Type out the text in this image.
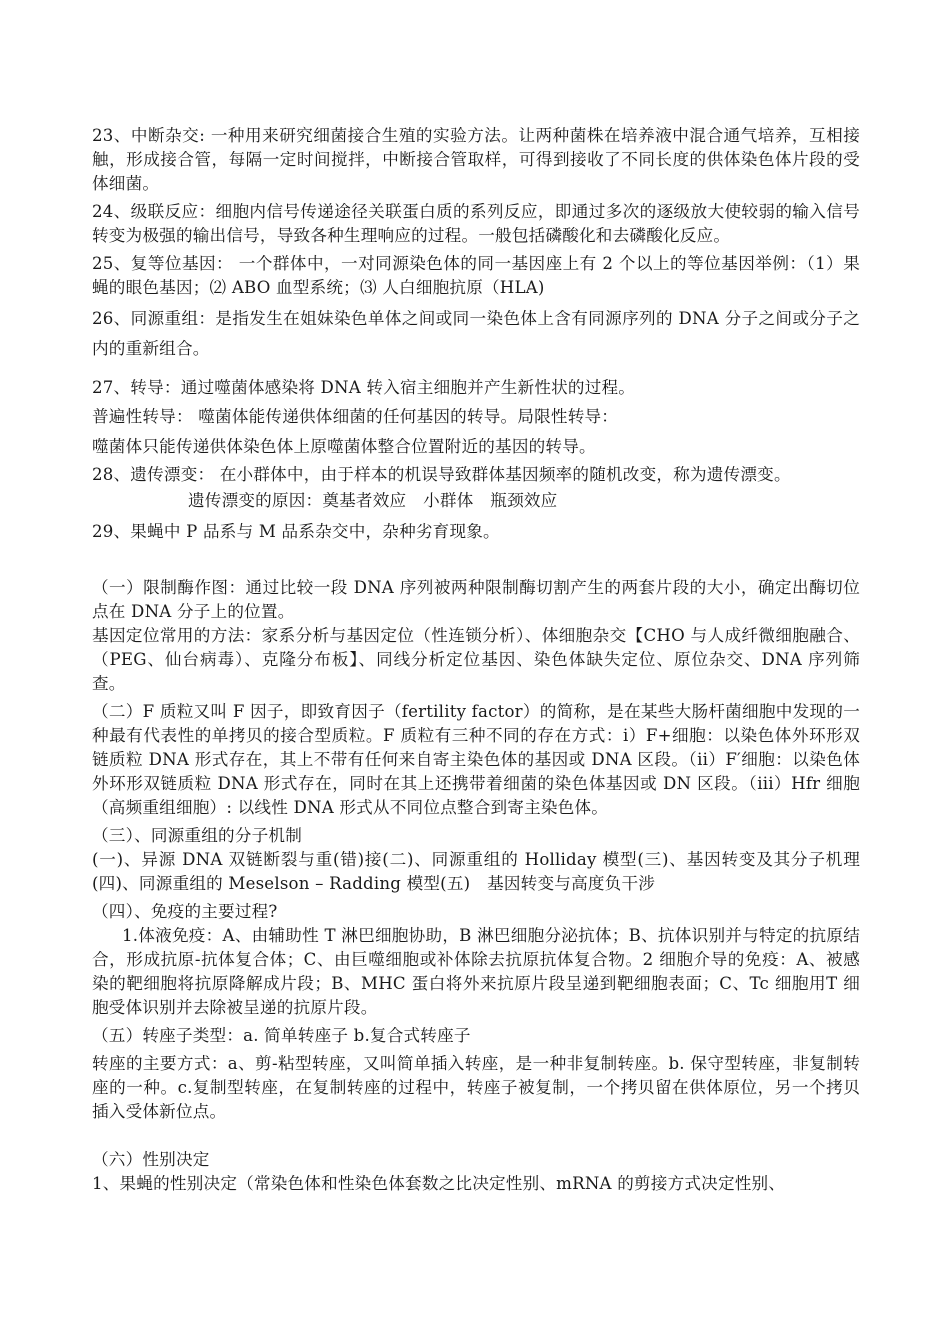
23、中断杂交: 一种用来研究细菌接合生殖的实验方法。让两种菌株在培养液中混合通气培养，互相接触，形成接合管，每隔一定时间搅拌，中断接合管取样，可得到接收了不同长度的供体染色体片段的受体细菌。

24、级联反应：细胞内信号传递途径关联蛋白质的系列反应，即通过多次的逐级放大使较弱的输入信号转变为极强的输出信号，导致各种生理响应的过程。一般包括磷酸化和去磷酸化反应。

25、复等位基因： 一个群体中，一对同源染色体的同一基因座上有 2 个以上的等位基因举例：（1）果蝇的眼色基因；⑵ ABO 血型系统；⑶ 人白细胞抗原（HLA)

26、同源重组：是指发生在姐妹染色单体之间或同一染色体上含有同源序列的 DNA 分子之间或分子之内的重新组合。

27、转导：通过噬菌体感染将 DNA 转入宿主细胞并产生新性状的过程。

普遍性转导： 噬菌体能传递供体细菌的任何基因的转导。局限性转导：

噬菌体只能传递供体染色体上原噬菌体整合位置附近的基因的转导。

28、遗传漂变： 在小群体中，由于样本的机误导致群体基因频率的随机改变，称为遗传漂变。

遗传漂变的原因：奠基者效应　小群体　瓶颈效应

29、果蝇中 P 品系与 M 品系杂交中，杂种劣育现象。

（一）限制酶作图：通过比较一段 DNA 序列被两种限制酶切割产生的两套片段的大小，确定出酶切位点在 DNA 分子上的位置。

基因定位常用的方法：家系分析与基因定位（性连锁分析）、体细胞杂交【CHO 与人成纤微细胞融合、（PEG、仙台病毒）、克隆分布板】、同线分析定位基因、染色体缺失定位、原位杂交、DNA 序列筛查。

（二）F 质粒又叫 F 因子，即致育因子（fertility factor）的简称，是在某些大肠杆菌细胞中发现的一种最有代表性的单拷贝的接合型质粒。F 质粒有三种不同的存在方式：ⅰ）F+细胞：以染色体外环形双链质粒 DNA 形式存在，其上不带有任何来自寄主染色体的基因或 DNA 区段。（ii）F′细胞：以染色体外环形双链质粒 DNA 形式存在，同时在其上还携带着细菌的染色体基因或 DN 区段。（iii）Hfr 细胞（高频重组细胞）: 以线性 DNA 形式从不同位点整合到寄主染色体。

（三）、同源重组的分子机制

(一)、异源 DNA 双链断裂与重(错)接(二)、同源重组的 Holliday 模型(三)、基因转变及其分子机理(四)、同源重组的 Meselson – Radding 模型(五)　基因转变与高度负干涉

（四）、免疫的主要过程?

1.体液免疫：A、由辅助性 T 淋巴细胞协助，B 淋巴细胞分泌抗体；B、抗体识别并与特定的抗原结合，形成抗原-抗体复合体；C、由巨噬细胞或补体除去抗原抗体复合物。2 细胞介导的免疫：A、被感染的靶细胞将抗原降解成片段；B、MHC 蛋白将外来抗原片段呈递到靶细胞表面；C、Tc 细胞用T 细胞受体识别并去除被呈递的抗原片段。

（五）转座子类型：a. 简单转座子 b.复合式转座子

转座的主要方式：a、剪-粘型转座，又叫简单插入转座，是一种非复制转座。b. 保守型转座，非复制转座的一种。c.复制型转座，在复制转座的过程中，转座子被复制，一个拷贝留在供体原位，另一个拷贝插入受体新位点。

（六）性别决定

1、果蝇的性别决定（常染色体和性染色体套数之比决定性别、mRNA 的剪接方式决定性别、
